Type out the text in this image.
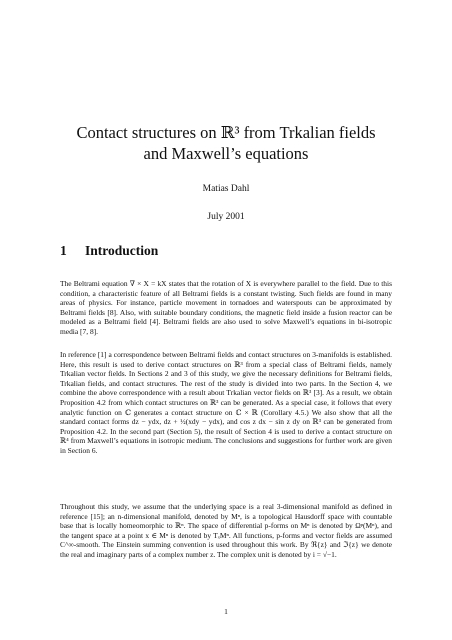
Contact structures on ℝ³ from Trkalian fields
and Maxwell’s equations
Matias Dahl
July 2001
1 Introduction

The Beltrami equation ∇ × X = kX states that the rotation of X is everywhere parallel to the field. Due to this condition, a characteristic feature of all Beltrami fields is a constant twisting. Such fields are found in many areas of physics. For instance, particle movement in tornadoes and waterspouts can be approximated by Beltrami fields [8]. Also, with suitable boundary conditions, the magnetic field inside a fusion reactor can be modeled as a Beltrami field [4]. Beltrami fields are also used to solve Maxwell’s equations in bi-isotropic media [7, 8].

In reference [1] a correspondence between Beltrami fields and contact structures on 3-manifolds is established. Here, this result is used to derive contact structures on ℝ³ from a special class of Beltrami fields, namely Trkalian vector fields. In Sections 2 and 3 of this study, we give the necessary definitions for Beltrami fields, Trkalian fields, and contact structures. The rest of the study is divided into two parts. In the Section 4, we combine the above correspondence with a result about Trkalian vector fields on ℝ³ [3]. As a result, we obtain Proposition 4.2 from which contact structures on ℝ³ can be generated. As a special case, it follows that every analytic function on ℂ generates a contact structure on ℂ × ℝ (Corollary 4.5.) We also show that all the standard contact forms dz − ydx, dz + ½(xdy − ydx), and cos z dx − sin z dy on ℝ³ can be generated from Proposition 4.2. In the second part (Section 5), the result of Section 4 is used to derive a contact structure on ℝ⁴ from Maxwell’s equations in isotropic medium. The conclusions and suggestions for further work are given in Section 6.

Throughout this study, we assume that the underlying space is a real 3-dimensional manifold as defined in reference [15]; an n-dimensional manifold, denoted by Mⁿ, is a topological Hausdorff space with countable base that is locally homeomorphic to ℝⁿ. The space of differential p-forms on Mⁿ is denoted by Ωᵖ(Mⁿ), and the tangent space at a point x ∈ Mⁿ is denoted by TₓMⁿ. All functions, p-forms and vector fields are assumed C^∞-smooth. The Einstein summing convention is used throughout this work. By ℜ{z} and ℑ{z} we denote the real and imaginary parts of a complex number z. The complex unit is denoted by i = √−1.

1
